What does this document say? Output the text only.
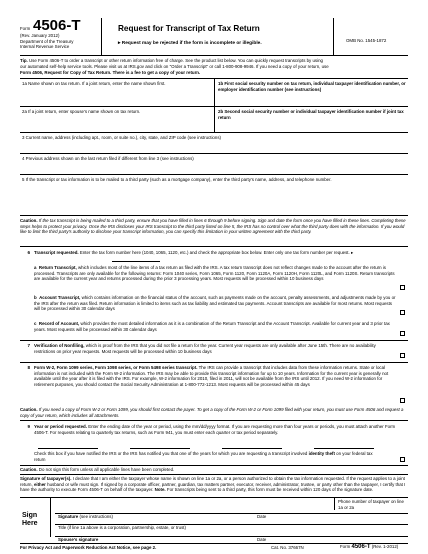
Form 4506-T
(Rev. January 2012)
Department of the Treasury
Internal Revenue Service
Request for Transcript of Tax Return
▸ Request may be rejected if the form is incomplete or illegible.
OMB No. 1545-1872
Tip. Use Form 4506-T to order a transcript or other return information free of charge. See the product list below. You can quickly request transcripts by using
our automated self-help service tools. Please visit us at IRS.gov and click on "Order a Transcript" or call 1-800-908-9946. If you need a copy of your return, use
Form 4506, Request for Copy of Tax Return. There is a fee to get a copy of your return.
1a Name shown on tax return. If a joint return, enter the name shown first.	1b First social security number on tax return, individual taxpayer identification number, or employer identification number (see instructions)
2a If a joint return, enter spouse's name shown on tax return.	2b Second social security number or individual taxpayer identification number if joint tax return
3 Current name, address (including apt., room, or suite no.), city, state, and ZIP code (see instructions)
4 Previous address shown on the last return filed if different from line 3 (see instructions)
5 If the transcript or tax information is to be mailed to a third party (such as a mortgage company), enter the third party's name, address, and telephone number.
Caution. If the tax transcript is being mailed to a third party, ensure that you have filled in lines 6 through 9 before signing. Sign and date the form once you have filled in these lines. Completing these steps helps to protect your privacy. Once the IRS discloses your IRS transcript to the third party listed on line 5, the IRS has no control over what the third party does with the information. If you would like to limit the third party's authority to disclose your transcript information, you can specify this limitation in your written agreement with the third party.
6 Transcript requested. Enter the tax form number here (1040, 1065, 1120, etc.) and check the appropriate box below. Enter only one tax form number per request. ▸
a Return Transcript, which includes most of the line items of a tax return as filed with the IRS. A tax return transcript does not reflect changes made to the account after the return is processed. Transcripts are only available for the following returns: Form 1040 series, Form 1065, Form 1120, Form 1120A, Form 1120H, Form 1120L, and Form 1120S. Return transcripts are available for the current year and returns processed during the prior 3 processing years. Most requests will be processed within 10 business days
b Account Transcript, which contains information on the financial status of the account, such as payments made on the account, penalty assessments, and adjustments made by you or the IRS after the return was filed. Return information is limited to items such as tax liability and estimated tax payments. Account transcripts are available for most returns. Most requests will be processed within 30 calendar days
c Record of Account, which provides the most detailed information as it is a combination of the Return Transcript and the Account Transcript. Available for current year and 3 prior tax years. Most requests will be processed within 30 calendar days
7 Verification of Nonfiling, which is proof from the IRS that you did not file a return for the year. Current year requests are only available after June 15th. There are no availability restrictions on prior year requests. Most requests will be processed within 10 business days
8 Form W-2, Form 1099 series, Form 1098 series, or Form 5498 series transcript. The IRS can provide a transcript that includes data from these information returns. State or local information is not included with the Form W-2 information. The IRS may be able to provide this transcript information for up to 10 years. Information for the current year is generally not available until the year after it is filed with the IRS. For example, W-2 information for 2010, filed in 2011, will not be available from the IRS until 2012. If you need W-2 information for retirement purposes, you should contact the Social Security Administration at 1-800-772-1213. Most requests will be processed within 45 days
Caution. If you need a copy of Form W-2 or Form 1099, you should first contact the payer. To get a copy of the Form W-2 or Form 1099 filed with your return, you must use Form 4506 and request a copy of your return, which includes all attachments.
9 Year or period requested. Enter the ending date of the year or period, using the mm/dd/yyyy format. If you are requesting more than four years or periods, you must attach another Form 4506-T. For requests relating to quarterly tax returns, such as Form 941, you must enter each quarter or tax period separately.
Check this box if you have notified the IRS or the IRS has notified you that one of the years for which you are requesting a transcript involved identity theft on your federal tax return
Caution. Do not sign this form unless all applicable lines have been completed.
Signature of taxpayer(s). I declare that I am either the taxpayer whose name is shown on line 1a or 2a, or a person authorized to obtain the tax information requested. If the request applies to a joint return, either husband or wife must sign. If signed by a corporate officer, partner, guardian, tax matters partner, executor, receiver, administrator, trustee, or party other than the taxpayer, I certify that I have the authority to execute Form 4506-T on behalf of the taxpayer. Note. For transcripts being sent to a third party, this form must be received within 120 days of the signature date.
Sign Here
Phone number of taxpayer on line 1a or 2a
Signature (see instructions)	Date
Title (if line 1a above is a corporation, partnership, estate, or trust)
Spouse's signature	Date
For Privacy Act and Paperwork Reduction Act Notice, see page 2.	Cat. No. 37667N	Form 4506-T (Rev. 1-2012)
